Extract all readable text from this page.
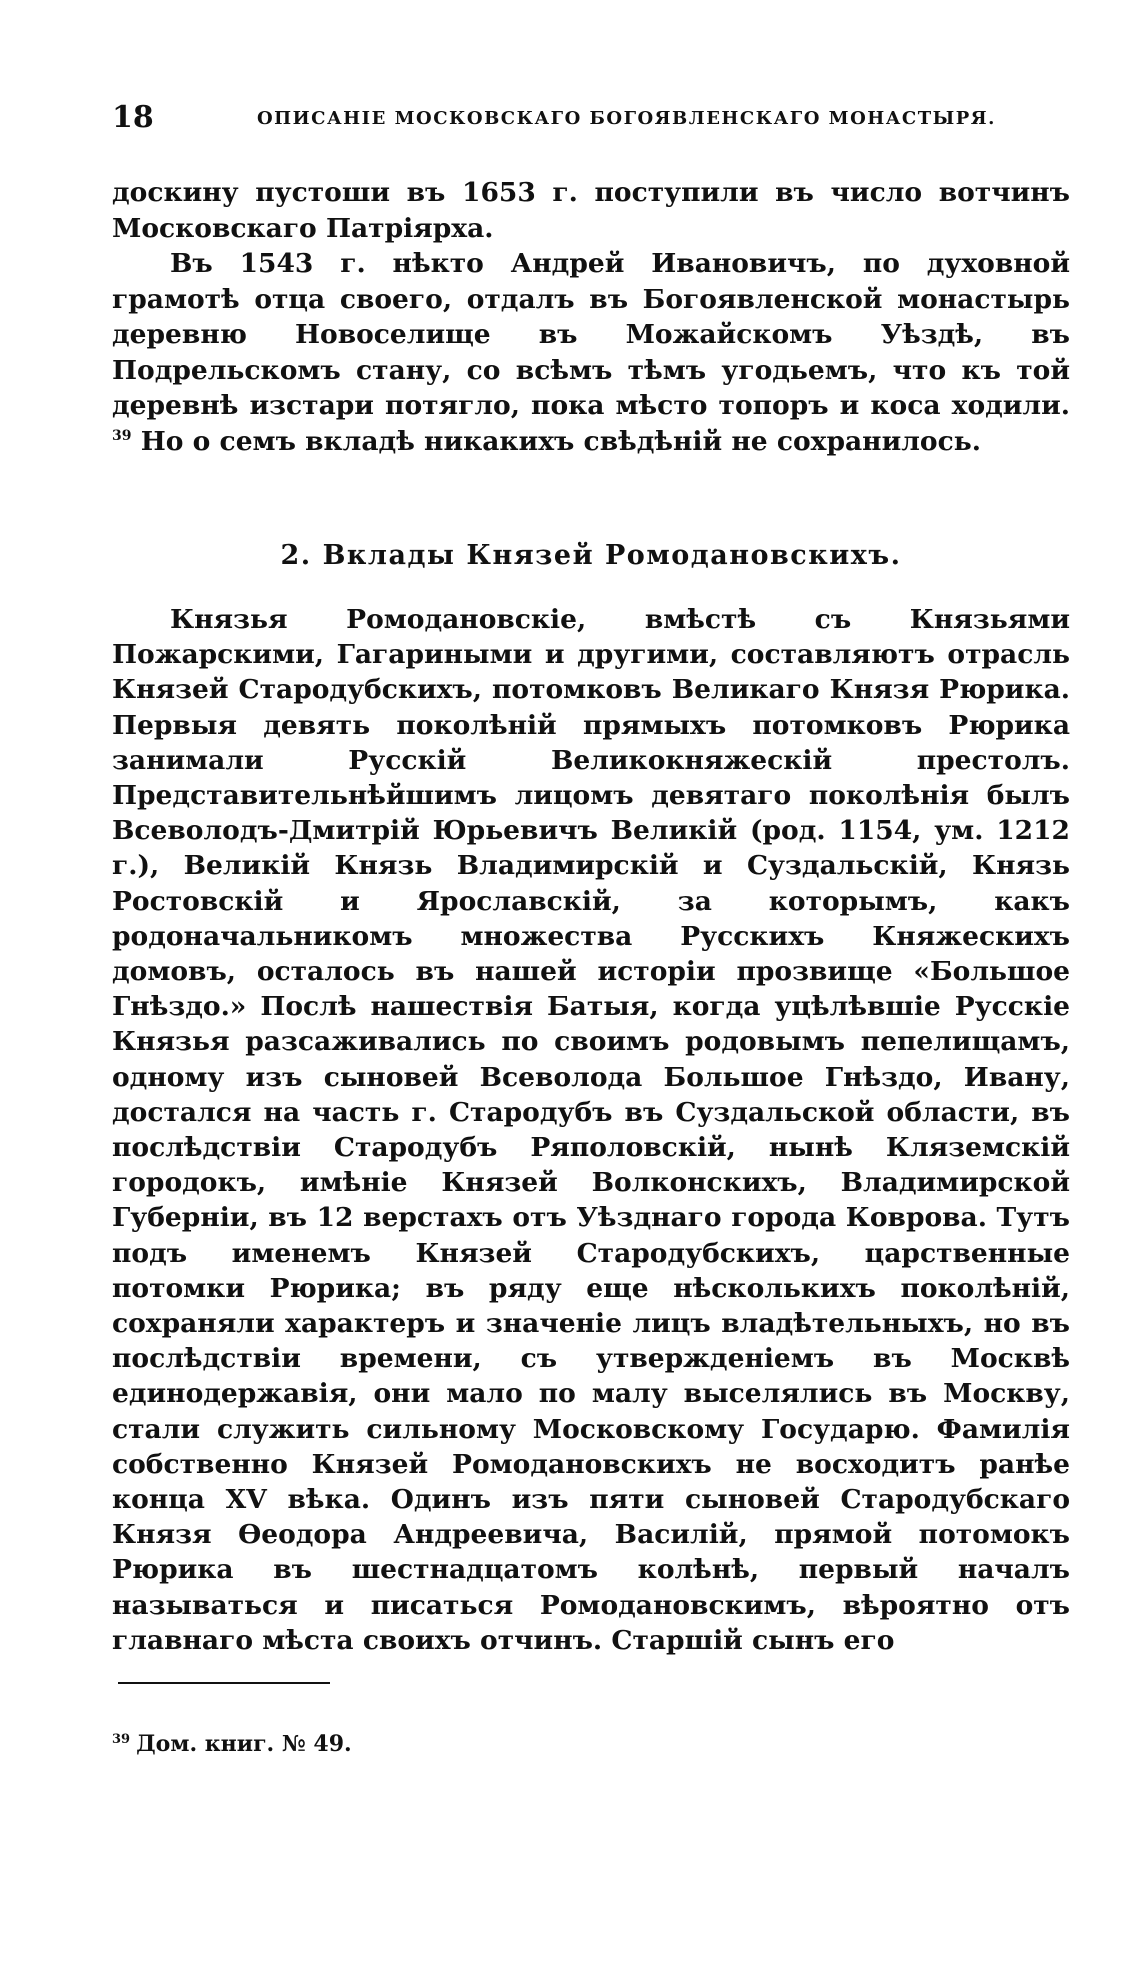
18	ОПИСАНІЕ МОСКОВСКАГО БОГОЯВЛЕНСКАГО МОНАСТЫРЯ.

доскину пустоши въ 1653 г. поступили въ число вотчинъ Московскаго Патріярха.

Въ 1543 г. нѣкто Андрей Ивановичъ, по духовной грамотѣ отца своего, отдалъ въ Богоявленской монастырь деревню Новоселище въ Можайскомъ Уѣздѣ, въ Подрельскомъ стану, со всѣмъ тѣмъ угодьемъ, что къ той деревнѣ изстари потягло, пока мѣсто топоръ и коса ходили. $^{39}$ Но о семъ вкладѣ никакихъ свѣдѣній не сохранилось.

2. Вклады Князей Ромодановскихъ.

Князья Ромодановскіе, вмѣстѣ съ Князьями Пожарскими, Гагариными и другими, составляютъ отрасль Князей Стародубскихъ, потомковъ Великаго Князя Рюрика. Первыя девять поколѣній прямыхъ потомковъ Рюрика занимали Русскій Великокняжескій престолъ. Представительнѣйшимъ лицомъ девятаго поколѣнія былъ Всеволодъ-Дмитрій Юрьевичъ Великій (род. 1154, ум. 1212 г.), Великій Князь Владимирскій и Суздальскій, Князь Ростовскій и Ярославскій, за которымъ, какъ родоначальникомъ множества Русскихъ Княжескихъ домовъ, осталось въ нашей исторіи прозвище «Большое Гнѣздо.» Послѣ нашествія Батыя, когда уцѣлѣвшіе Русскіе Князья разсаживались по своимъ родовымъ пепелищамъ, одному изъ сыновей Всеволода Большое Гнѣздо, Ивану, достался на часть г. Стародубъ въ Суздальской области, въ послѣдствіи Стародубъ Ряполовскій, нынѣ Кляземскій городокъ, имѣніе Князей Волконскихъ, Владимирской Губерніи, въ 12 верстахъ отъ Уѣзднаго города Коврова. Тутъ подъ именемъ Князей Стародубскихъ, царственные потомки Рюрика; въ ряду еще нѣсколькихъ поколѣній, сохраняли характеръ и значеніе лицъ владѣтельныхъ, но въ послѣдствіи времени, съ утвержденіемъ въ Москвѣ единодержавія, они мало по малу выселялись въ Москву, стали служить сильному Московскому Государю. Фамилія собственно Князей Ромодановскихъ не восходитъ ранѣе конца XV вѣка. Одинъ изъ пяти сыновей Стародубскаго Князя Ѳеодора Андреевича, Василій, прямой потомокъ Рюрика въ шестнадцатомъ колѣнѣ, первый началъ называться и писаться Ромодановскимъ, вѣроятно отъ главнаго мѣста своихъ отчинъ. Старшій сынъ его

$^{39}$ Дом. книг. № 49.
